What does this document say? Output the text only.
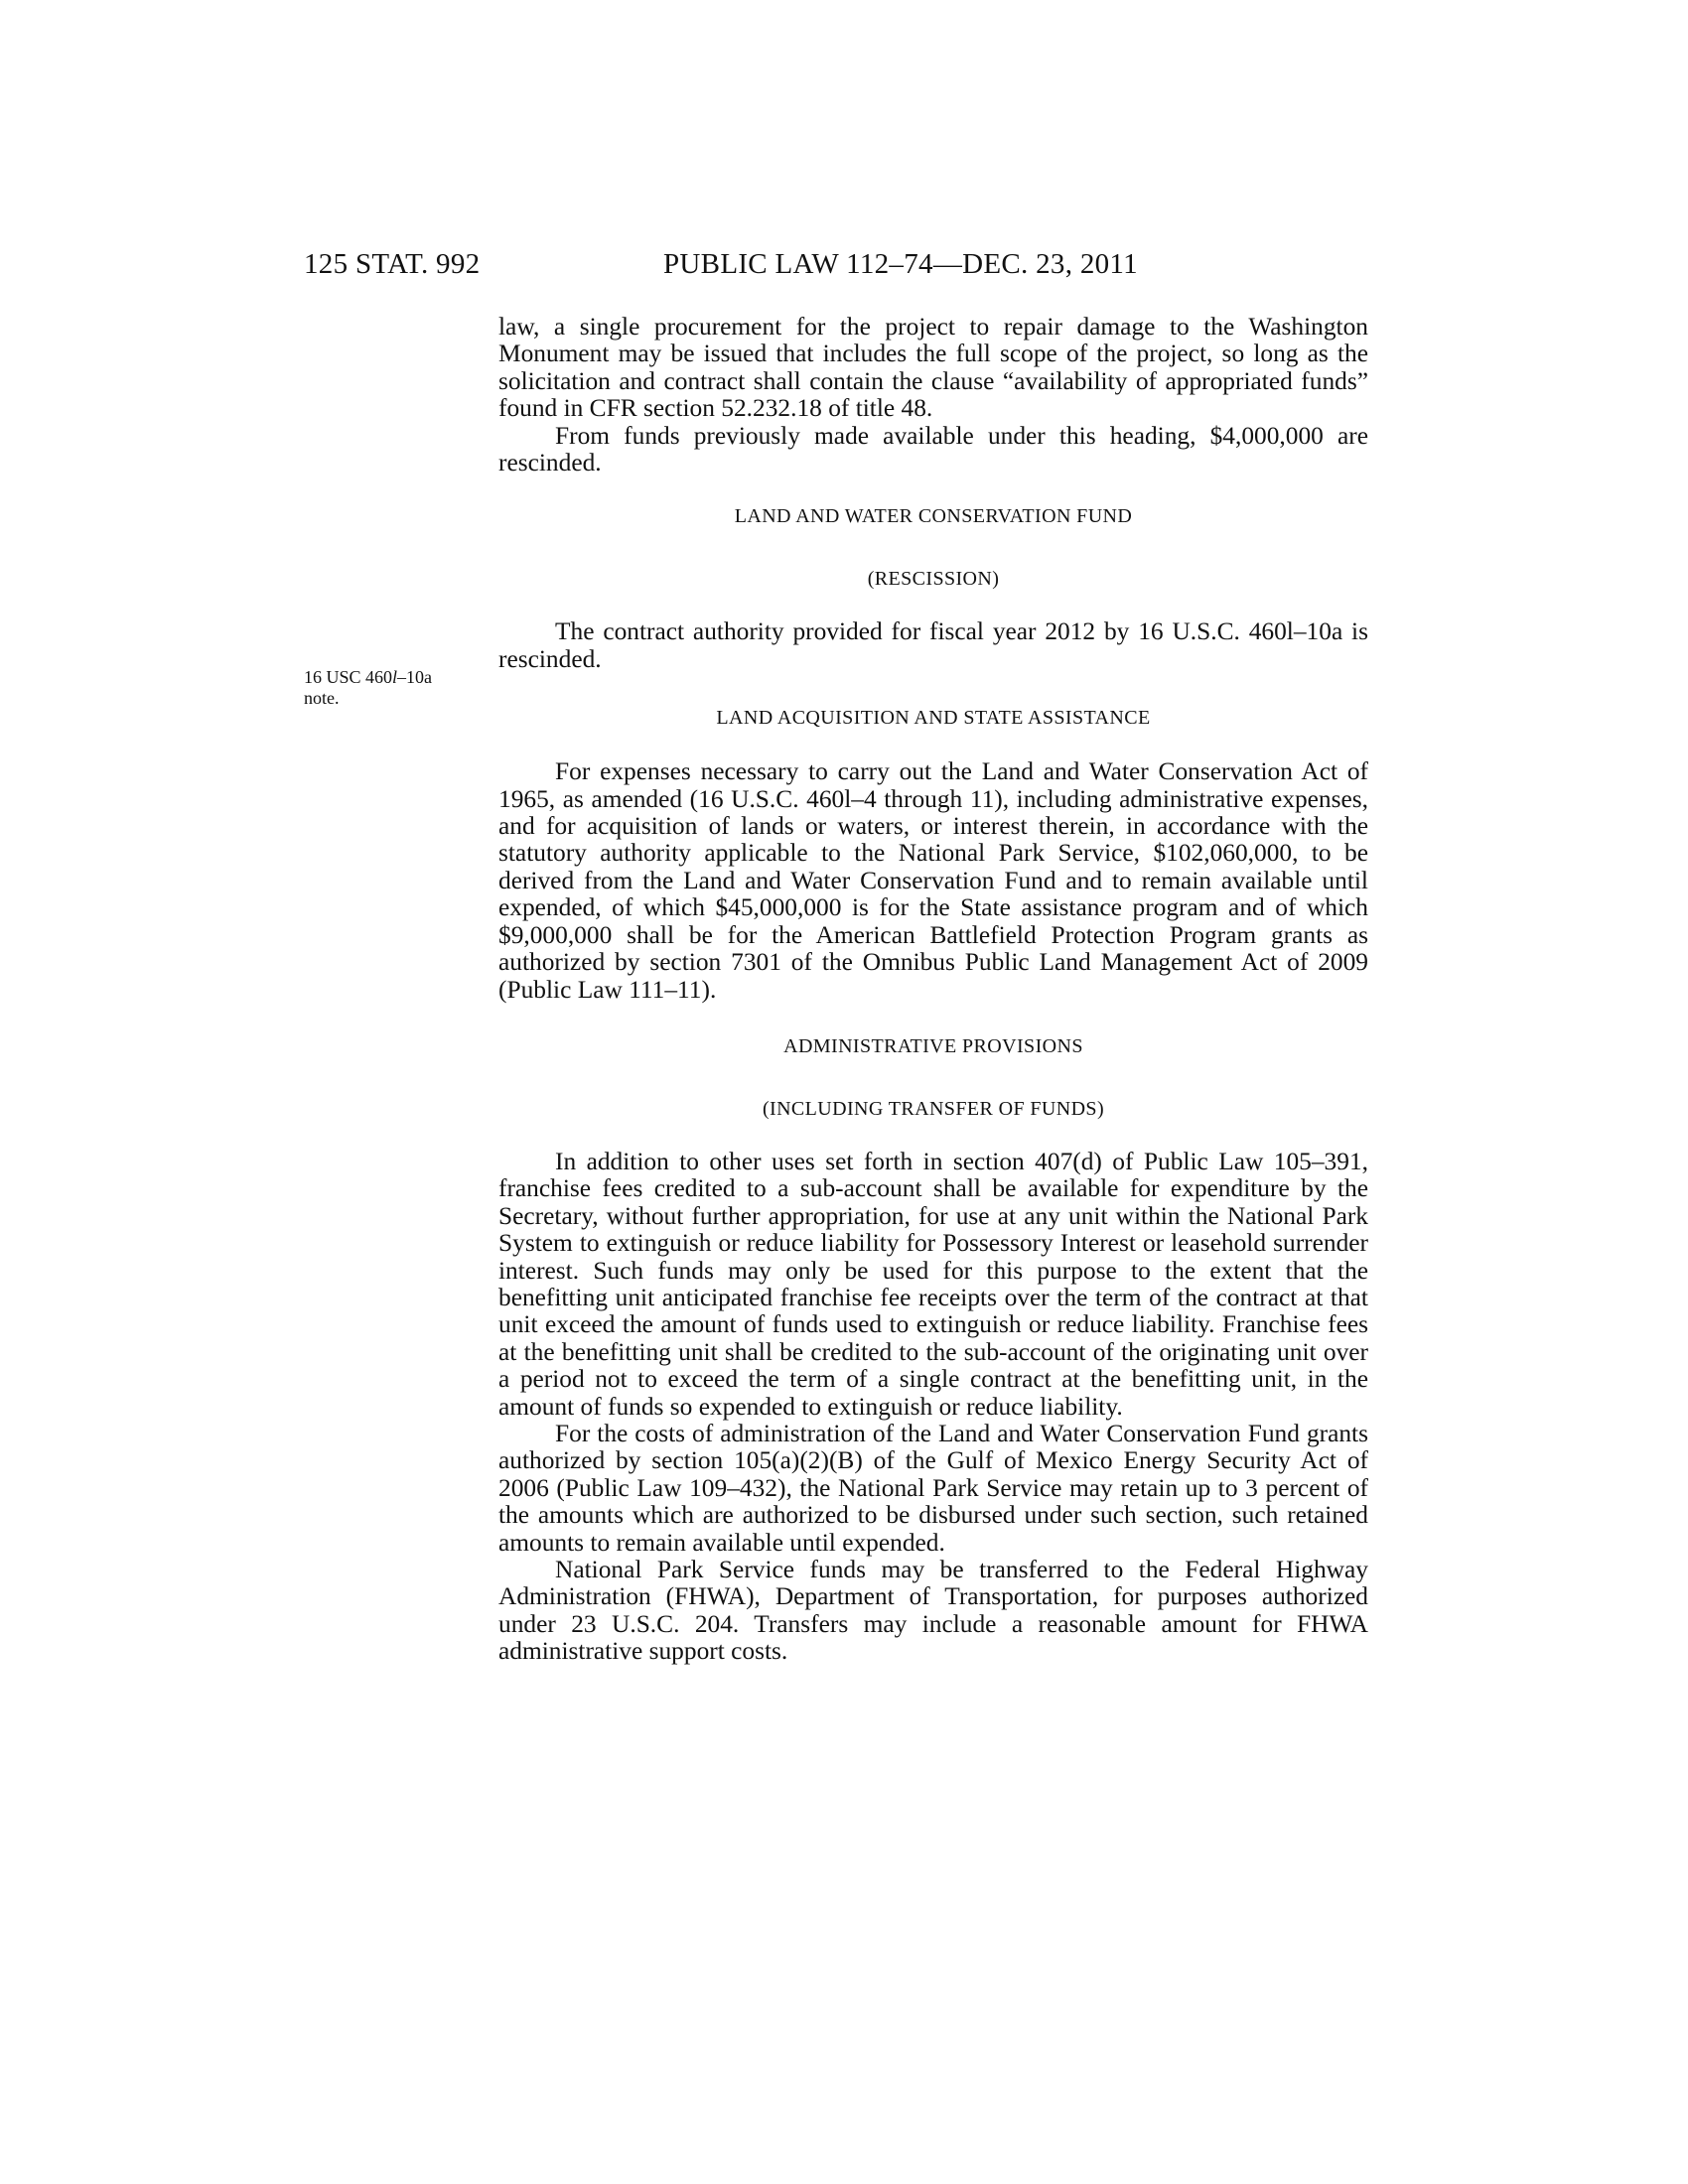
125 STAT. 992	PUBLIC LAW 112–74—DEC. 23, 2011
16 USC 460l–10a
note.

law, a single procurement for the project to repair damage to the Washington Monument may be issued that includes the full scope of the project, so long as the solicitation and contract shall contain the clause “availability of appropriated funds” found in CFR section 52.232.18 of title 48.

From funds previously made available under this heading, $4,000,000 are rescinded.

LAND AND WATER CONSERVATION FUND
(RESCISSION)

The contract authority provided for fiscal year 2012 by 16 U.S.C. 460l–10a is rescinded.

LAND ACQUISITION AND STATE ASSISTANCE

For expenses necessary to carry out the Land and Water Conservation Act of 1965, as amended (16 U.S.C. 460l–4 through 11), including administrative expenses, and for acquisition of lands or waters, or interest therein, in accordance with the statutory authority applicable to the National Park Service, $102,060,000, to be derived from the Land and Water Conservation Fund and to remain available until expended, of which $45,000,000 is for the State assistance program and of which $9,000,000 shall be for the American Battlefield Protection Program grants as authorized by section 7301 of the Omnibus Public Land Management Act of 2009 (Public Law 111–11).

ADMINISTRATIVE PROVISIONS
(INCLUDING TRANSFER OF FUNDS)

In addition to other uses set forth in section 407(d) of Public Law 105–391, franchise fees credited to a sub-account shall be available for expenditure by the Secretary, without further appropriation, for use at any unit within the National Park System to extinguish or reduce liability for Possessory Interest or leasehold surrender interest. Such funds may only be used for this purpose to the extent that the benefitting unit anticipated franchise fee receipts over the term of the contract at that unit exceed the amount of funds used to extinguish or reduce liability. Franchise fees at the benefitting unit shall be credited to the sub-account of the originating unit over a period not to exceed the term of a single contract at the benefitting unit, in the amount of funds so expended to extinguish or reduce liability.

For the costs of administration of the Land and Water Conservation Fund grants authorized by section 105(a)(2)(B) of the Gulf of Mexico Energy Security Act of 2006 (Public Law 109–432), the National Park Service may retain up to 3 percent of the amounts which are authorized to be disbursed under such section, such retained amounts to remain available until expended.

National Park Service funds may be transferred to the Federal Highway Administration (FHWA), Department of Transportation, for purposes authorized under 23 U.S.C. 204. Transfers may include a reasonable amount for FHWA administrative support costs.
